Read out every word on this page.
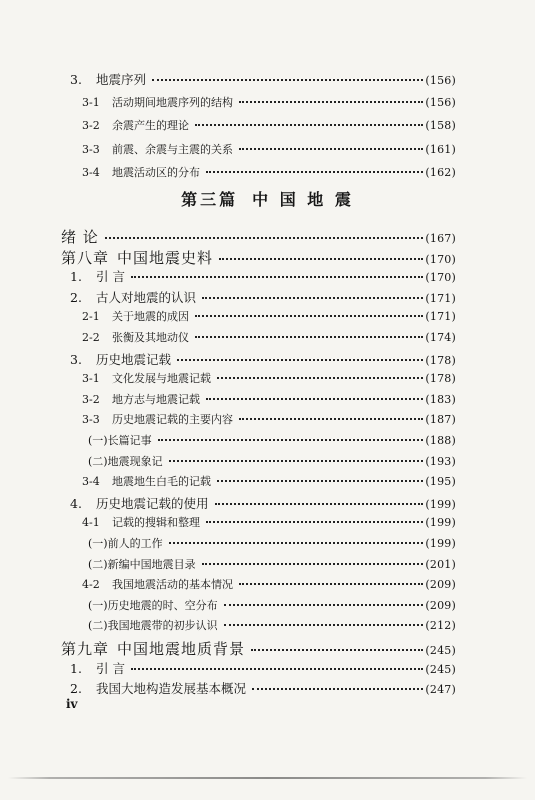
3.	地震序列	(156)
3-1	活动期间地震序列的结构	(156)
3-2	余震产生的理论	(158)
3-3	前震、余震与主震的关系	(161)
3-4	地震活动区的分布	(162)
绪 论	(167)
第八章 中国地震史料	(170)
1.	引 言	(170)
2.	古人对地震的认识	(171)
2-1	关于地震的成因	(171)
2-2	张衡及其地动仪	(174)
3.	历史地震记载	(178)
3-1	文化发展与地震记载	(178)
3-2	地方志与地震记载	(183)
3-3	历史地震记载的主要内容	(187)
(一)长篇记事	(188)
(二)地震现象记	(193)
3-4	地震地生白毛的记载	(195)
4.	历史地震记载的使用	(199)
4-1	记载的搜辑和整理	(199)
(一)前人的工作	(199)
(二)新编中国地震目录	(201)
4-2	我国地震活动的基本情况	(209)
(一)历史地震的时、空分布	(209)
(二)我国地震带的初步认识	(212)
第九章 中国地震地质背景	(245)
1.	引 言	(245)
2.	我国大地构造发展基本概况	(247)
第三篇 中 国 地 震
iv
